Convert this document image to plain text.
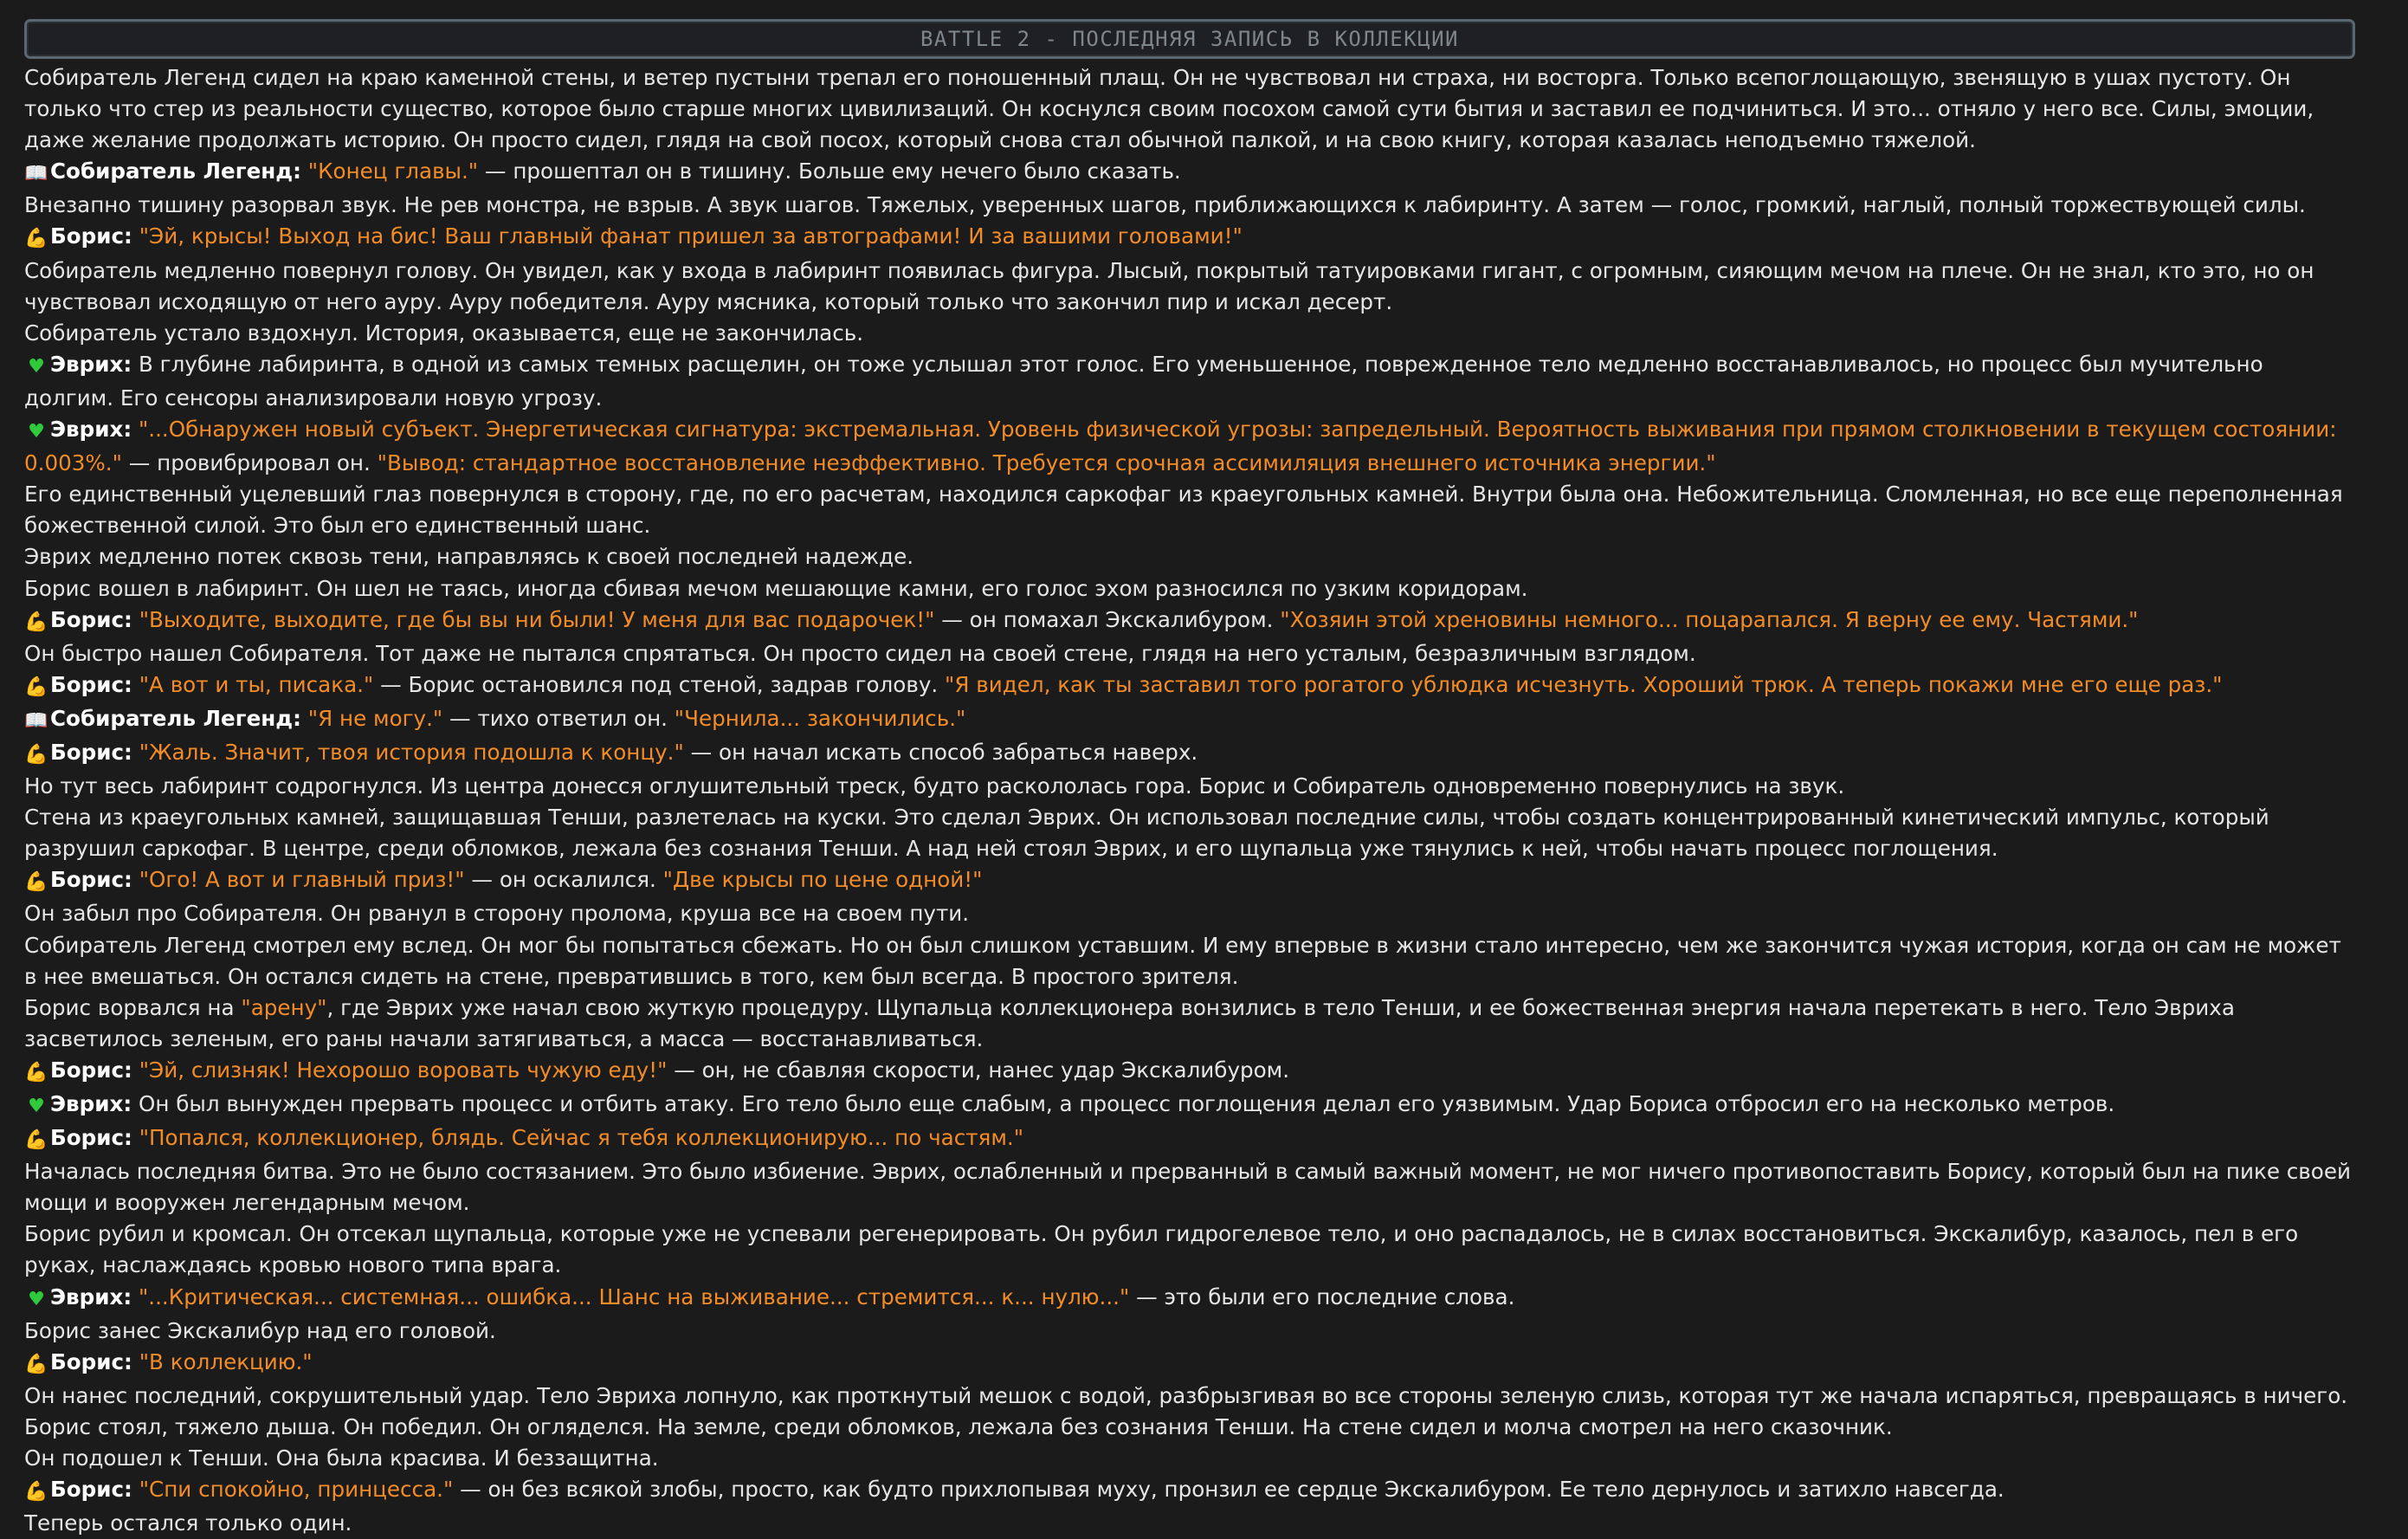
BATTLE 2 - ПОСЛЕДНЯЯ ЗАПИСЬ В КОЛЛЕКЦИИ
Собиратель Легенд сидел на краю каменной стены, и ветер пустыни трепал его поношенный плащ. Он не чувствовал ни страха, ни восторга. Только всепоглощающую, звенящую в ушах пустоту. Он только что стер из реальности существо, которое было старше многих цивилизаций. Он коснулся своим посохом самой сути бытия и заставил ее подчиниться. И это... отняло у него все. Силы, эмоции, даже желание продолжать историю. Он просто сидел, глядя на свой посох, который снова стал обычной палкой, и на свою книгу, которая казалась неподъемно тяжелой.
📖Собиратель Легенд: "Конец главы." — прошептал он в тишину. Больше ему нечего было сказать.
Внезапно тишину разорвал звук. Не рев монстра, не взрыв. А звук шагов. Тяжелых, уверенных шагов, приближающихся к лабиринту. А затем — голос, громкий, наглый, полный торжествующей силы.
💪Борис: "Эй, крысы! Выход на бис! Ваш главный фанат пришел за автографами! И за вашими головами!"
Собиратель медленно повернул голову. Он увидел, как у входа в лабиринт появилась фигура. Лысый, покрытый татуировками гигант, с огромным, сияющим мечом на плече. Он не знал, кто это, но он чувствовал исходящую от него ауру. Ауру победителя. Ауру мясника, который только что закончил пир и искал десерт.
Собиратель устало вздохнул. История, оказывается, еще не закончилась.
♥ Эврих: В глубине лабиринта, в одной из самых темных расщелин, он тоже услышал этот голос. Его уменьшенное, поврежденное тело медленно восстанавливалось, но процесс был мучительно долгим. Его сенсоры анализировали новую угрозу.
♥ Эврих: "...Обнаружен новый субъект. Энергетическая сигнатура: экстремальная. Уровень физической угрозы: запредельный. Вероятность выживания при прямом столкновении в текущем состоянии: 0.003%." — провибрировал он. "Вывод: стандартное восстановление неэффективно. Требуется срочная ассимиляция внешнего источника энергии."
Его единственный уцелевший глаз повернулся в сторону, где, по его расчетам, находился саркофаг из краеугольных камней. Внутри была она. Небожительница. Сломленная, но все еще переполненная божественной силой. Это был его единственный шанс.
Эврих медленно потек сквозь тени, направляясь к своей последней надежде.
Борис вошел в лабиринт. Он шел не таясь, иногда сбивая мечом мешающие камни, его голос эхом разносился по узким коридорам.
💪Борис: "Выходите, выходите, где бы вы ни были! У меня для вас подарочек!" — он помахал Экскалибуром. "Хозяин этой хреновины немного... поцарапался. Я верну ее ему. Частями."
Он быстро нашел Собирателя. Тот даже не пытался спрятаться. Он просто сидел на своей стене, глядя на него усталым, безразличным взглядом.
💪Борис: "А вот и ты, писака." — Борис остановился под стеной, задрав голову. "Я видел, как ты заставил того рогатого ублюдка исчезнуть. Хороший трюк. А теперь покажи мне его еще раз."
📖Собиратель Легенд: "Я не могу." — тихо ответил он. "Чернила... закончились."
💪Борис: "Жаль. Значит, твоя история подошла к концу." — он начал искать способ забраться наверх.
Но тут весь лабиринт содрогнулся. Из центра донесся оглушительный треск, будто раскололась гора. Борис и Собиратель одновременно повернулись на звук.
Стена из краеугольных камней, защищавшая Тенши, разлетелась на куски. Это сделал Эврих. Он использовал последние силы, чтобы создать концентрированный кинетический импульс, который разрушил саркофаг. В центре, среди обломков, лежала без сознания Тенши. А над ней стоял Эврих, и его щупальца уже тянулись к ней, чтобы начать процесс поглощения.
💪Борис: "Ого! А вот и главный приз!" — он оскалился. "Две крысы по цене одной!"
Он забыл про Собирателя. Он рванул в сторону пролома, круша все на своем пути.
Собиратель Легенд смотрел ему вслед. Он мог бы попытаться сбежать. Но он был слишком уставшим. И ему впервые в жизни стало интересно, чем же закончится чужая история, когда он сам не может в нее вмешаться. Он остался сидеть на стене, превратившись в того, кем был всегда. В простого зрителя.
Борис ворвался на "арену", где Эврих уже начал свою жуткую процедуру. Щупальца коллекционера вонзились в тело Тенши, и ее божественная энергия начала перетекать в него. Тело Эвриха засветилось зеленым, его раны начали затягиваться, а масса — восстанавливаться.
💪Борис: "Эй, слизняк! Нехорошо воровать чужую еду!" — он, не сбавляя скорости, нанес удар Экскалибуром.
♥ Эврих: Он был вынужден прервать процесс и отбить атаку. Его тело было еще слабым, а процесс поглощения делал его уязвимым. Удар Бориса отбросил его на несколько метров.
💪Борис: "Попался, коллекционер, блядь. Сейчас я тебя коллекционирую... по частям."
Началась последняя битва. Это не было состязанием. Это было избиение. Эврих, ослабленный и прерванный в самый важный момент, не мог ничего противопоставить Борису, который был на пике своей мощи и вооружен легендарным мечом.
Борис рубил и кромсал. Он отсекал щупальца, которые уже не успевали регенерировать. Он рубил гидрогелевое тело, и оно распадалось, не в силах восстановиться. Экскалибур, казалось, пел в его руках, наслаждаясь кровью нового типа врага.
♥ Эврих: "...Критическая... системная... ошибка... Шанс на выживание... стремится... к... нулю..." — это были его последние слова.
Борис занес Экскалибур над его головой.
💪Борис: "В коллекцию."
Он нанес последний, сокрушительный удар. Тело Эвриха лопнуло, как проткнутый мешок с водой, разбрызгивая во все стороны зеленую слизь, которая тут же начала испаряться, превращаясь в ничего.
Борис стоял, тяжело дыша. Он победил. Он огляделся. На земле, среди обломков, лежала без сознания Тенши. На стене сидел и молча смотрел на него сказочник.
Он подошел к Тенши. Она была красива. И беззащитна.
💪Борис: "Спи спокойно, принцесса." — он без всякой злобы, просто, как будто прихлопывая муху, пронзил ее сердце Экскалибуром. Ее тело дернулось и затихло навсегда.
Теперь остался только один.
